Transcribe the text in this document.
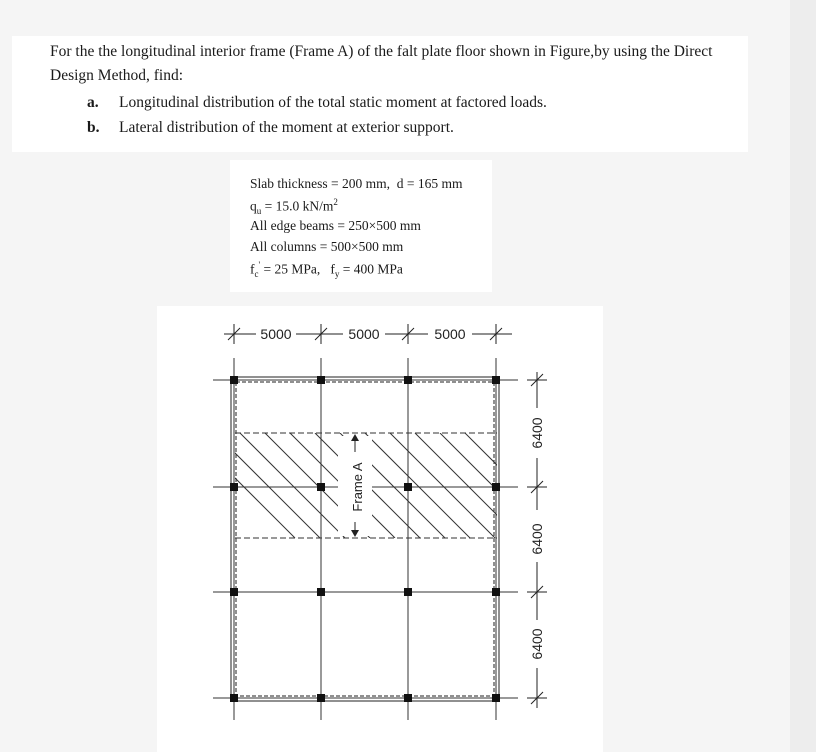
For the the longitudinal interior frame (Frame A) of the falt plate floor shown in Figure,by using the Direct Design Method, find:
a.	Longitudinal distribution of the total static moment at factored loads.
b.	Lateral distribution of the moment at exterior support.
Slab thickness = 200 mm, d = 165 mm
$q_u = 15.0$ $kN/m^2$
All edge beams = 250×500 mm
All columns = 500×500 mm
$f_c' = 25$ MPa, $f_y = 400$ MPa
5000	5000	5000
Frame A
6400
6400
6400
